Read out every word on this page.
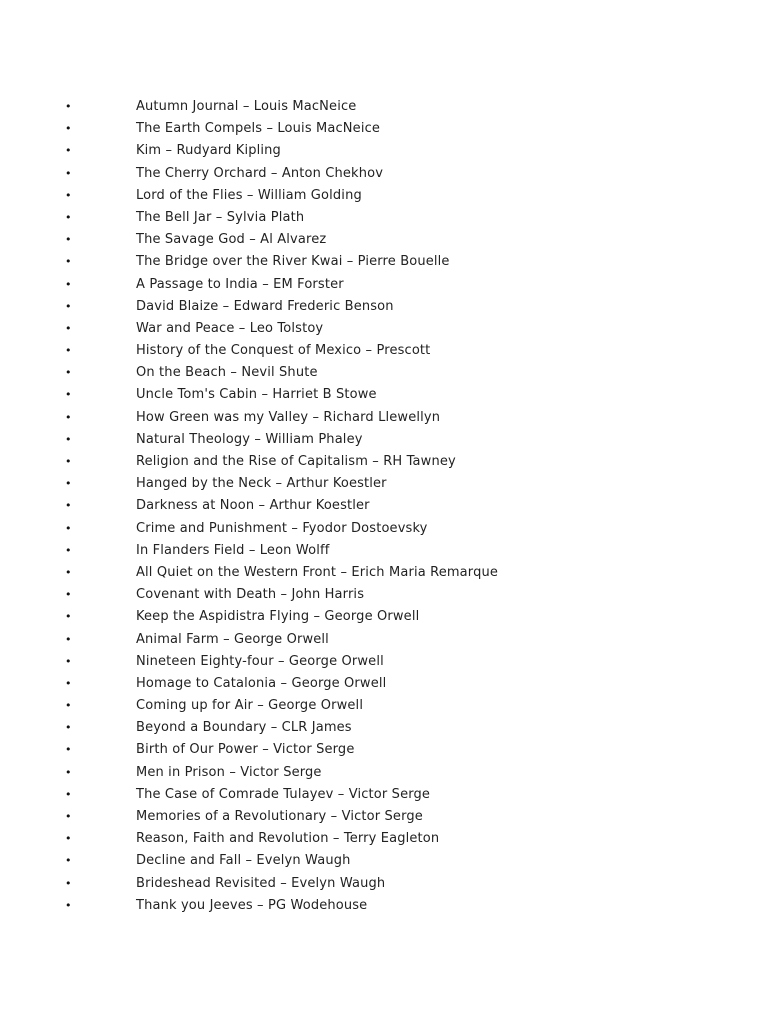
•	Autumn Journal – Louis MacNeice
•	The Earth Compels – Louis MacNeice
•	Kim – Rudyard Kipling
•	The Cherry Orchard – Anton Chekhov
•	Lord of the Flies – William Golding
•	The Bell Jar – Sylvia Plath
•	The Savage God – Al Alvarez
•	The Bridge over the River Kwai – Pierre Bouelle
•	A Passage to India – EM Forster
•	David Blaize – Edward Frederic Benson
•	War and Peace – Leo Tolstoy
•	History of the Conquest of Mexico – Prescott
•	On the Beach – Nevil Shute
•	Uncle Tom's Cabin – Harriet B Stowe
•	How Green was my Valley – Richard Llewellyn
•	Natural Theology – William Phaley
•	Religion and the Rise of Capitalism – RH Tawney
•	Hanged by the Neck – Arthur Koestler
•	Darkness at Noon – Arthur Koestler
•	Crime and Punishment – Fyodor Dostoevsky
•	In Flanders Field – Leon Wolff
•	All Quiet on the Western Front – Erich Maria Remarque
•	Covenant with Death – John Harris
•	Keep the Aspidistra Flying – George Orwell
•	Animal Farm – George Orwell
•	Nineteen Eighty-four – George Orwell
•	Homage to Catalonia – George Orwell
•	Coming up for Air – George Orwell
•	Beyond a Boundary – CLR James
•	Birth of Our Power – Victor Serge
•	Men in Prison – Victor Serge
•	The Case of Comrade Tulayev – Victor Serge
•	Memories of a Revolutionary – Victor Serge
•	Reason, Faith and Revolution – Terry Eagleton
•	Decline and Fall – Evelyn Waugh
•	Brideshead Revisited – Evelyn Waugh
•	Thank you Jeeves – PG Wodehouse
